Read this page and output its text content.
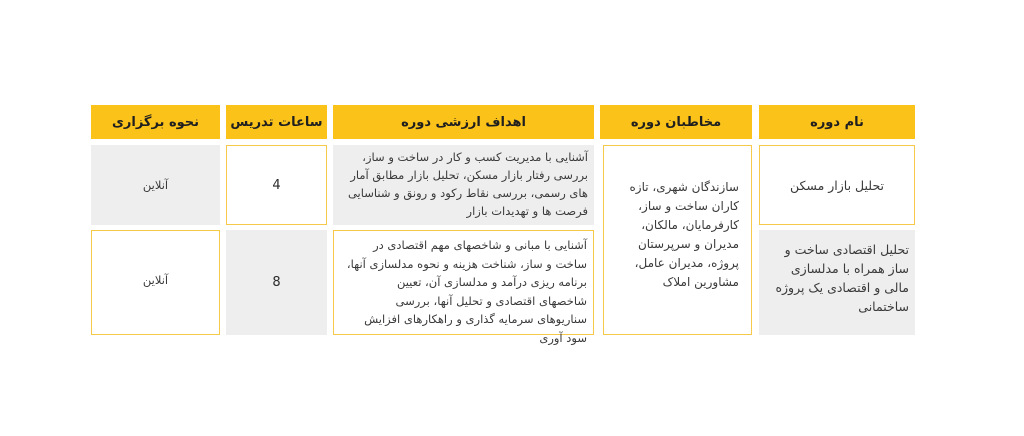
نام دوره
مخاطبان دوره
اهداف ارزشی دوره
ساعات تدریس
نحوه برگزاری
تحلیل بازار مسکن
آشنایی با مدیریت کسب و کار در ساخت و ساز، بررسی رفتار بازار مسکن، تحلیل بازار مطابق آمار های رسمی، بررسی نقاط رکود و رونق و شناسایی فرصت ها و تهدیدات بازار
4
آنلاین	سازندگان شهری، تازه کاران ساخت و ساز، کارفرمایان، مالکان، مدیران و سرپرستان پروژه، مدیران عامل، مشاورین املاک
تحلیل اقتصادی ساخت و ساز همراه با مدلسازی مالی و اقتصادی یک پروژه ساختمانی
آشنایی با مبانی و شاخصهای مهم اقتصادی در ساخت و ساز، شناخت هزینه و نحوه مدلسازی آنها، برنامه ریزی درآمد و مدلسازی آن، تعیین شاخصهای اقتصادی و تحلیل آنها، بررسی سناریوهای سرمایه گذاری و راهکارهای افزایش سود آوری
8
آنلاین
